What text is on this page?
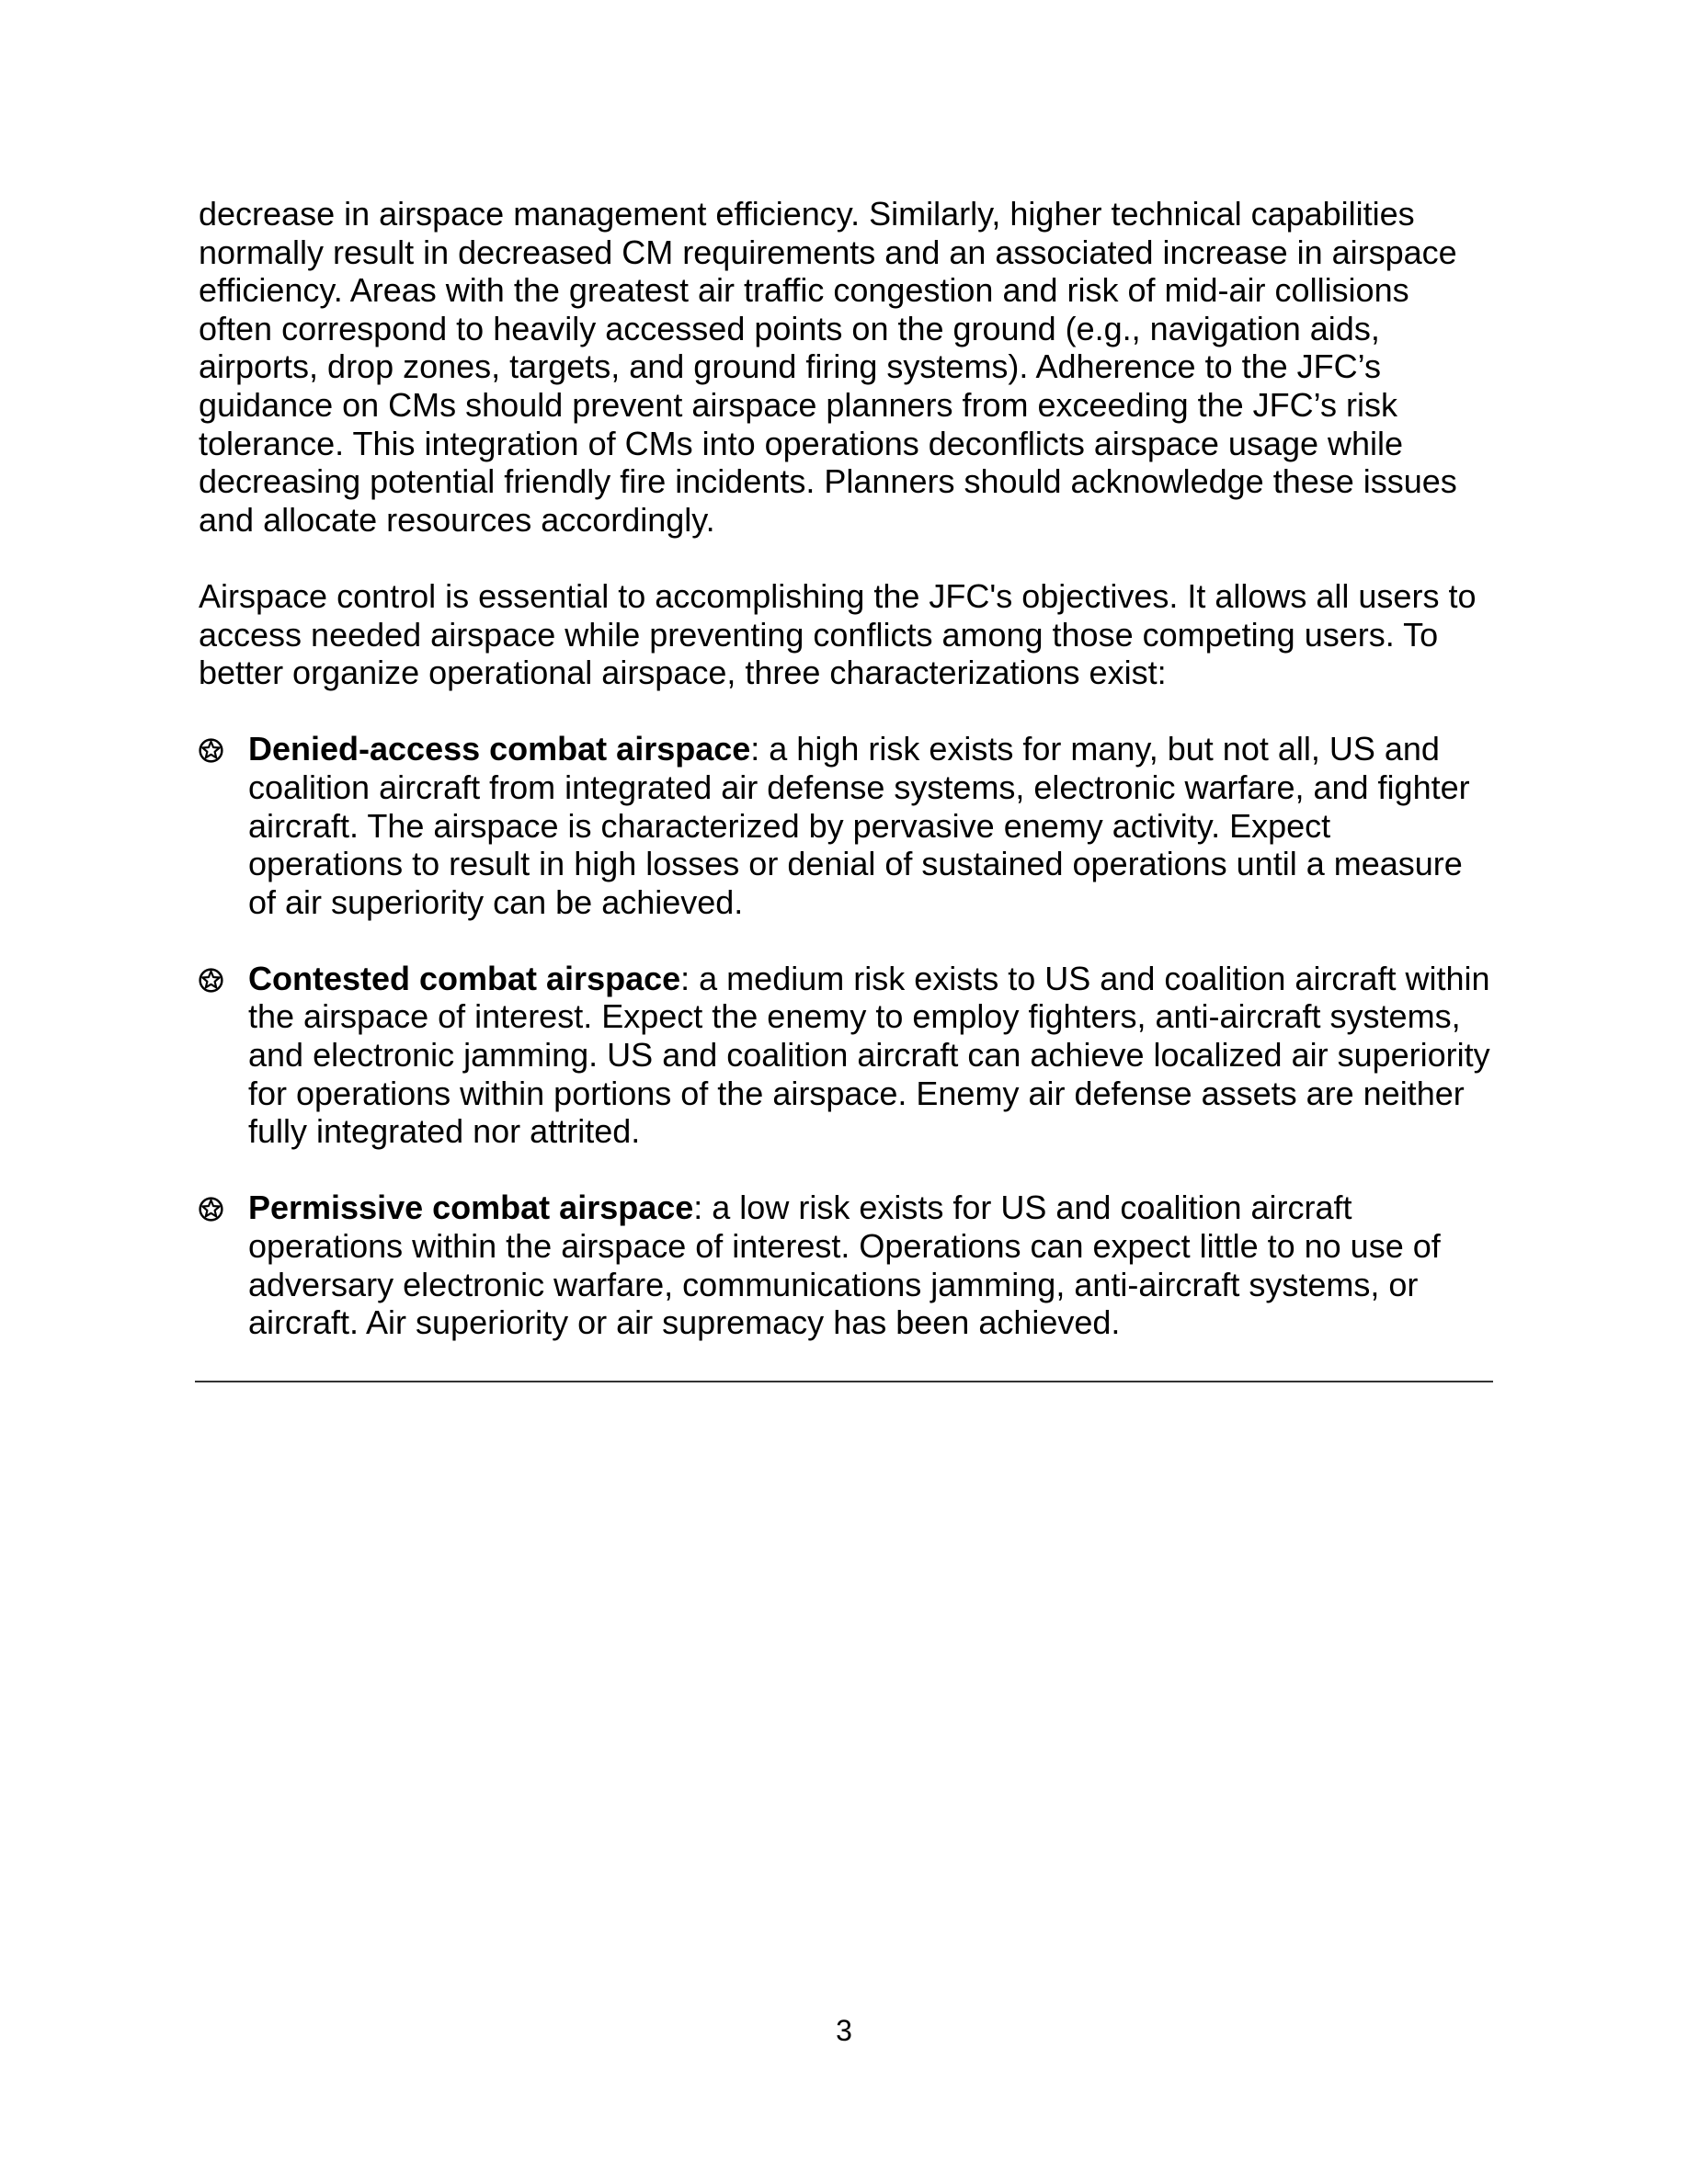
decrease in airspace management efficiency. Similarly, higher technical capabilities normally result in decreased CM requirements and an associated increase in airspace efficiency. Areas with the greatest air traffic congestion and risk of mid-air collisions often correspond to heavily accessed points on the ground (e.g., navigation aids, airports, drop zones, targets, and ground firing systems). Adherence to the JFC’s guidance on CMs should prevent airspace planners from exceeding the JFC’s risk tolerance. This integration of CMs into operations deconflicts airspace usage while decreasing potential friendly fire incidents. Planners should acknowledge these issues and allocate resources accordingly.

Airspace control is essential to accomplishing the JFC's objectives. It allows all users to access needed airspace while preventing conflicts among those competing users. To better organize operational airspace, three characterizations exist:

Denied-access combat airspace: a high risk exists for many, but not all, US and coalition aircraft from integrated air defense systems, electronic warfare, and fighter aircraft. The airspace is characterized by pervasive enemy activity. Expect operations to result in high losses or denial of sustained operations until a measure of air superiority can be achieved.
Contested combat airspace: a medium risk exists to US and coalition aircraft within the airspace of interest. Expect the enemy to employ fighters, anti-aircraft systems, and electronic jamming. US and coalition aircraft can achieve localized air superiority for operations within portions of the airspace. Enemy air defense assets are neither fully integrated nor attrited.
Permissive combat airspace: a low risk exists for US and coalition aircraft operations within the airspace of interest. Operations can expect little to no use of adversary electronic warfare, communications jamming, anti-aircraft systems, or aircraft. Air superiority or air supremacy has been achieved.
3
